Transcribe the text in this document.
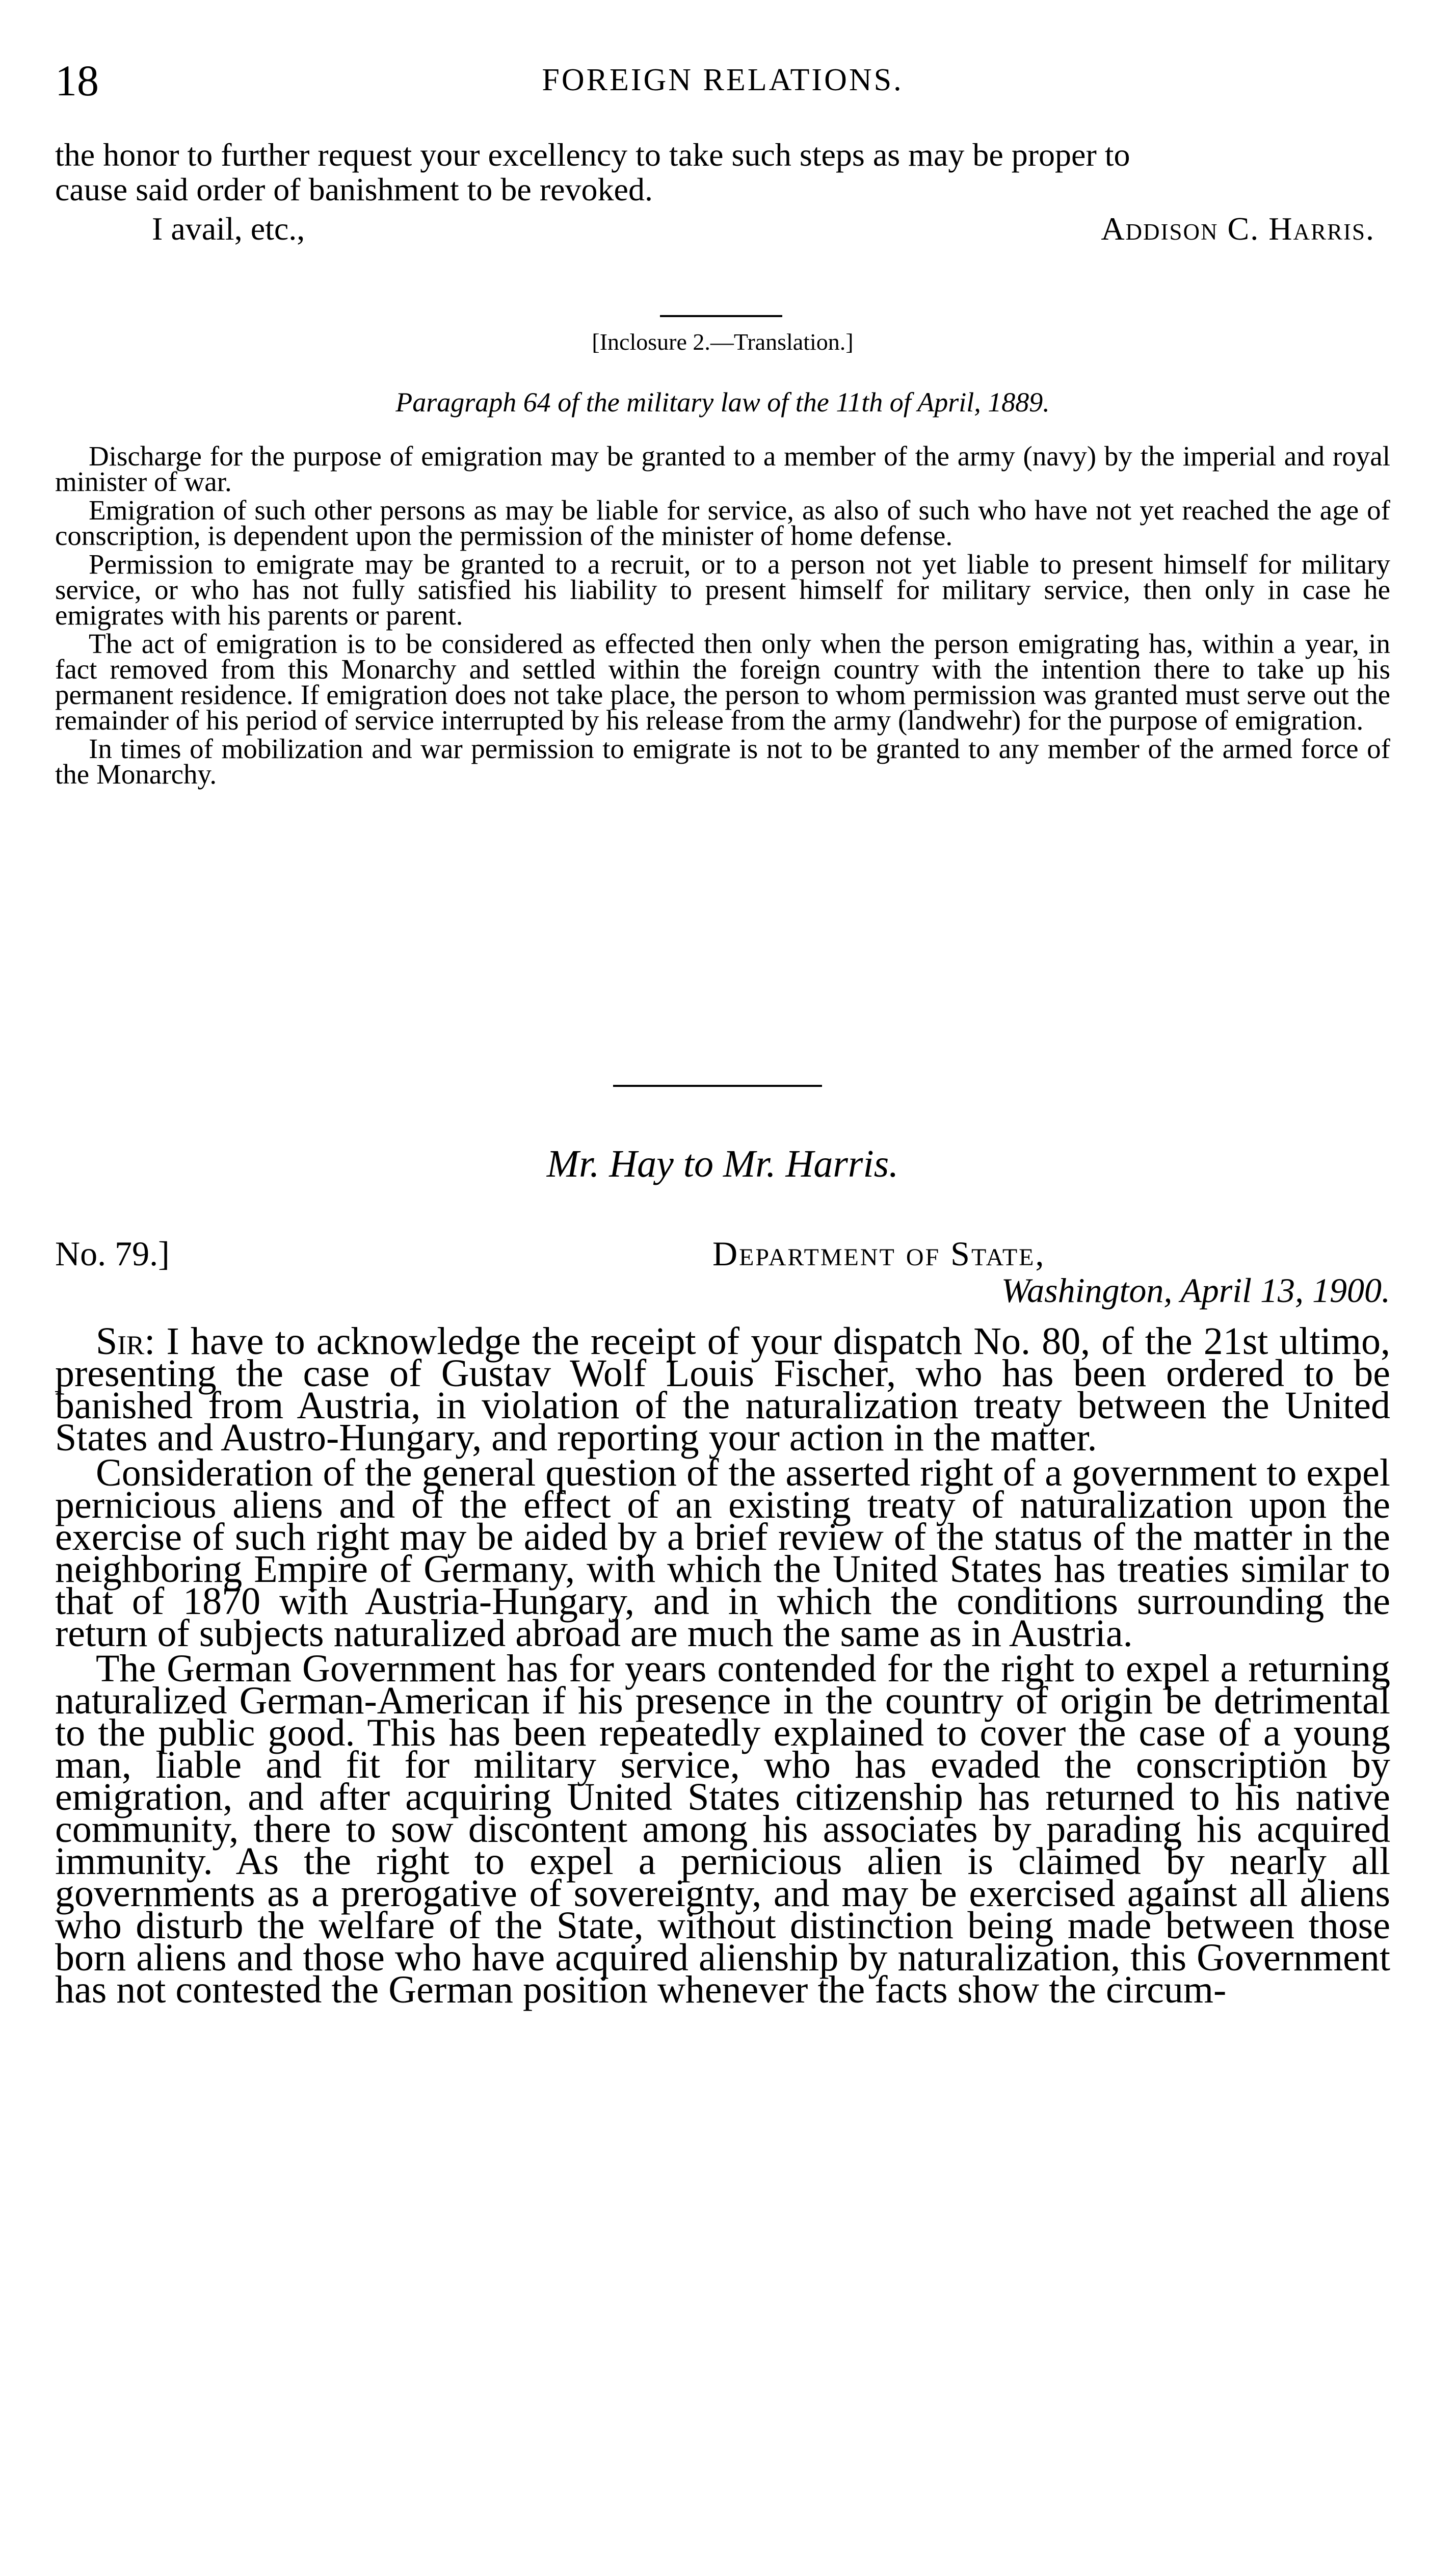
18	FOREIGN RELATIONS.
the honor to further request your excellency to take such steps as may be proper to
cause said order of banishment to be revoked.
I avail, etc.,	Addison C. Harris.
[Inclosure 2.—Translation.]
Paragraph 64 of the military law of the 11th of April, 1889.

Discharge for the purpose of emigration may be granted to a member of the army (navy) by the imperial and royal minister of war.

Emigration of such other persons as may be liable for service, as also of such who have not yet reached the age of conscription, is dependent upon the permission of the minister of home defense.

Permission to emigrate may be granted to a recruit, or to a person not yet liable to present himself for military service, or who has not fully satisfied his liability to present himself for military service, then only in case he emigrates with his parents or parent.

The act of emigration is to be considered as effected then only when the person emigrating has, within a year, in fact removed from this Monarchy and settled within the foreign country with the intention there to take up his permanent residence. If emigration does not take place, the person to whom permission was granted must serve out the remainder of his period of service interrupted by his release from the army (landwehr) for the purpose of emigration.

In times of mobilization and war permission to emigrate is not to be granted to any member of the armed force of the Monarchy.

Mr. Hay to Mr. Harris.
No. 79.]	Department of State,
Washington, April 13, 1900.

Sir: I have to acknowledge the receipt of your dispatch No. 80, of the 21st ultimo, presenting the case of Gustav Wolf Louis Fischer, who has been ordered to be banished from Austria, in violation of the naturalization treaty between the United States and Austro-Hungary, and reporting your action in the matter.

Consideration of the general question of the asserted right of a government to expel pernicious aliens and of the effect of an existing treaty of naturalization upon the exercise of such right may be aided by a brief review of the status of the matter in the neighboring Empire of Germany, with which the United States has treaties similar to that of 1870 with Austria-Hungary, and in which the conditions surrounding the return of subjects naturalized abroad are much the same as in Austria.

The German Government has for years contended for the right to expel a returning naturalized German-American if his presence in the country of origin be detrimental to the public good. This has been repeatedly explained to cover the case of a young man, liable and fit for military service, who has evaded the conscription by emigration, and after acquiring United States citizenship has returned to his native community, there to sow discontent among his associates by parading his acquired immunity. As the right to expel a pernicious alien is claimed by nearly all governments as a prerogative of sovereignty, and may be exercised against all aliens who disturb the welfare of the State, without distinction being made between those born aliens and those who have acquired alienship by naturalization, this Government has not contested the German position whenever the facts show the circum-
